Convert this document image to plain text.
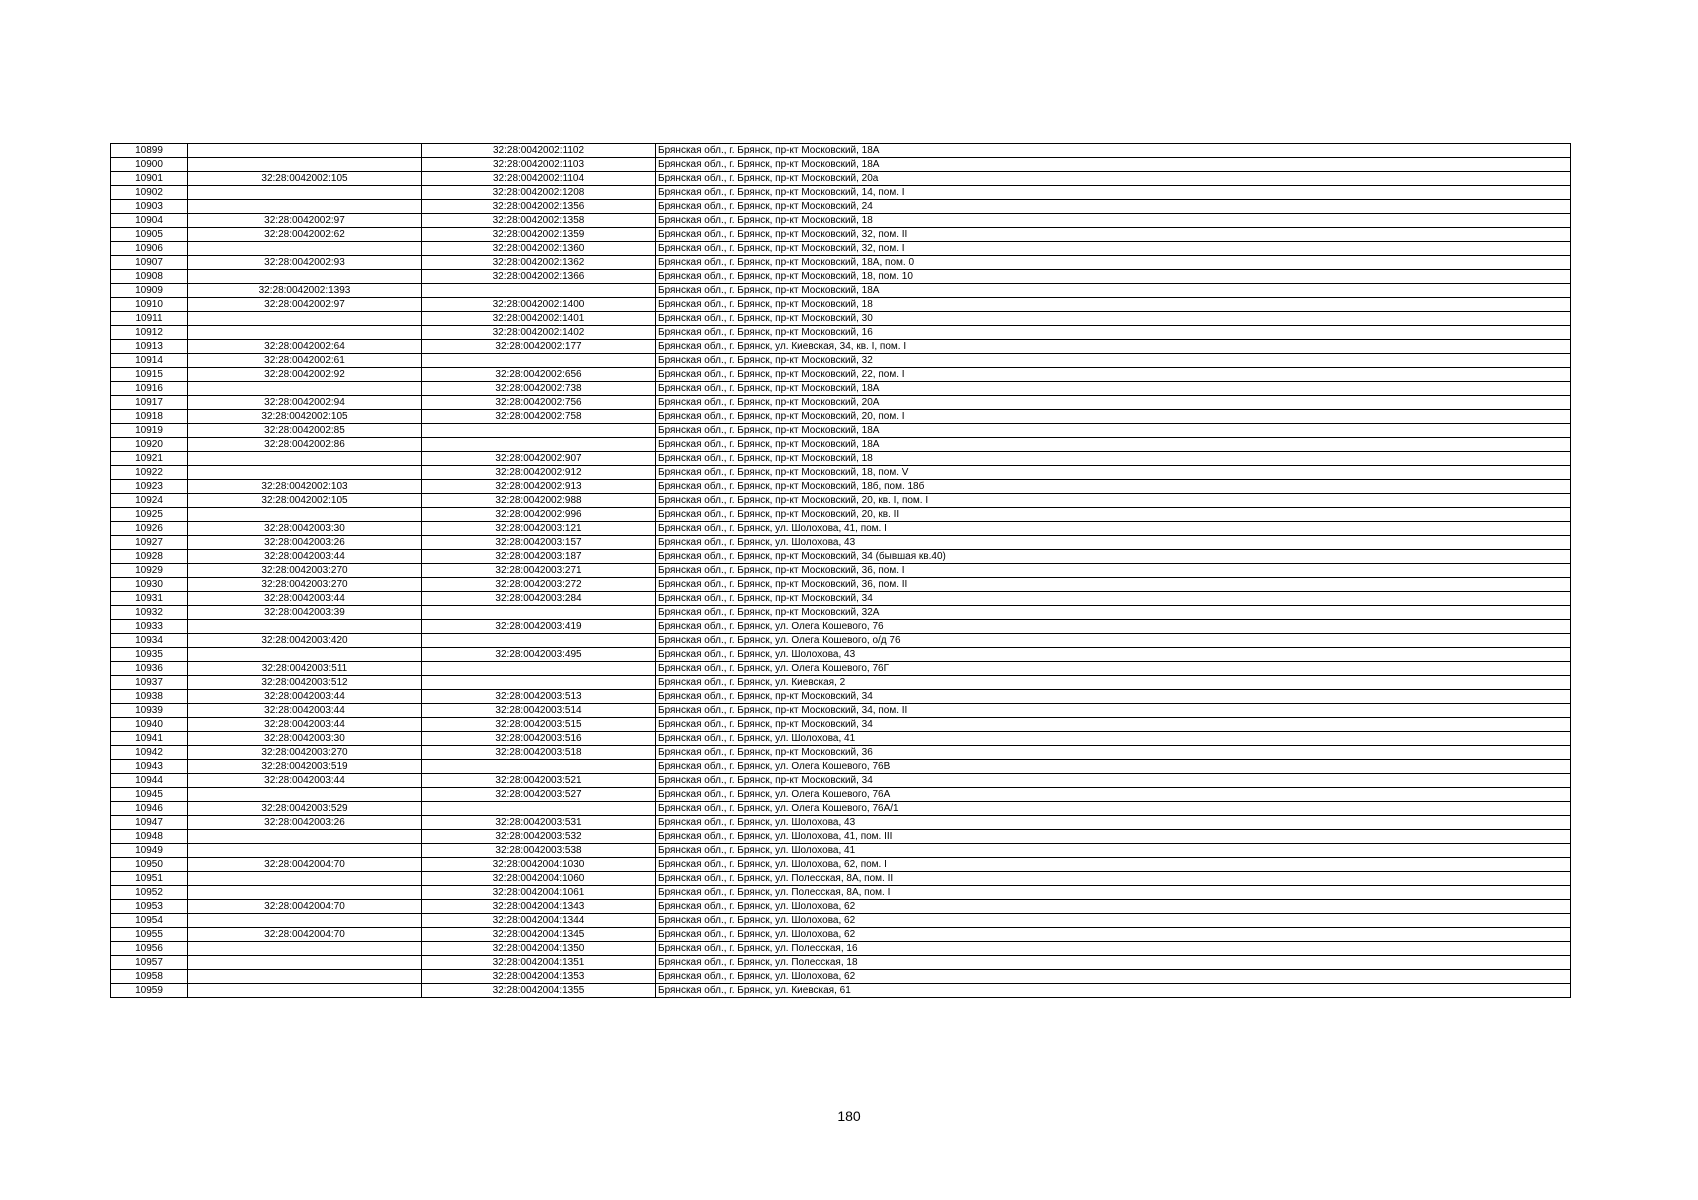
10899		32:28:0042002:1102	Брянская обл., г. Брянск, пр-кт Московский, 18А
10900		32:28:0042002:1103	Брянская обл., г. Брянск, пр-кт Московский, 18А
10901	32:28:0042002:105	32:28:0042002:1104	Брянская обл., г. Брянск, пр-кт Московский, 20а
10902		32:28:0042002:1208	Брянская обл., г. Брянск, пр-кт Московский, 14, пом. I
10903		32:28:0042002:1356	Брянская обл., г. Брянск, пр-кт Московский, 24
10904	32:28:0042002:97	32:28:0042002:1358	Брянская обл., г. Брянск, пр-кт Московский, 18
10905	32:28:0042002:62	32:28:0042002:1359	Брянская обл., г. Брянск, пр-кт Московский, 32, пом. II
10906		32:28:0042002:1360	Брянская обл., г. Брянск, пр-кт Московский, 32, пом. I
10907	32:28:0042002:93	32:28:0042002:1362	Брянская обл., г. Брянск, пр-кт Московский, 18А, пом. 0
10908		32:28:0042002:1366	Брянская обл., г. Брянск, пр-кт Московский, 18, пом. 10
10909	32:28:0042002:1393		Брянская обл., г. Брянск, пр-кт Московский, 18А
10910	32:28:0042002:97	32:28:0042002:1400	Брянская обл., г. Брянск, пр-кт Московский, 18
10911		32:28:0042002:1401	Брянская обл., г. Брянск, пр-кт Московский, 30
10912		32:28:0042002:1402	Брянская обл., г. Брянск, пр-кт Московский, 16
10913	32:28:0042002:64	32:28:0042002:177	Брянская обл., г. Брянск, ул. Киевская, 34, кв. I, пом. I
10914	32:28:0042002:61		Брянская обл., г. Брянск, пр-кт Московский, 32
10915	32:28:0042002:92	32:28:0042002:656	Брянская обл., г. Брянск, пр-кт Московский, 22, пом. I
10916		32:28:0042002:738	Брянская обл., г. Брянск, пр-кт Московский, 18А
10917	32:28:0042002:94	32:28:0042002:756	Брянская обл., г. Брянск, пр-кт Московский, 20А
10918	32:28:0042002:105	32:28:0042002:758	Брянская обл., г. Брянск, пр-кт Московский, 20, пом. I
10919	32:28:0042002:85		Брянская обл., г. Брянск, пр-кт Московский, 18А
10920	32:28:0042002:86		Брянская обл., г. Брянск, пр-кт Московский, 18А
10921		32:28:0042002:907	Брянская обл., г. Брянск, пр-кт Московский, 18
10922		32:28:0042002:912	Брянская обл., г. Брянск, пр-кт Московский, 18, пом. V
10923	32:28:0042002:103	32:28:0042002:913	Брянская обл., г. Брянск, пр-кт Московский, 18б, пом. 18б
10924	32:28:0042002:105	32:28:0042002:988	Брянская обл., г. Брянск, пр-кт Московский, 20, кв. I, пом. I
10925		32:28:0042002:996	Брянская обл., г. Брянск, пр-кт Московский, 20, кв. II
10926	32:28:0042003:30	32:28:0042003:121	Брянская обл., г. Брянск, ул. Шолохова, 41, пом. I
10927	32:28:0042003:26	32:28:0042003:157	Брянская обл., г. Брянск, ул. Шолохова, 43
10928	32:28:0042003:44	32:28:0042003:187	Брянская обл., г. Брянск, пр-кт Московский, 34 (бывшая кв.40)
10929	32:28:0042003:270	32:28:0042003:271	Брянская обл., г. Брянск, пр-кт Московский, 36, пом. I
10930	32:28:0042003:270	32:28:0042003:272	Брянская обл., г. Брянск, пр-кт Московский, 36, пом. II
10931	32:28:0042003:44	32:28:0042003:284	Брянская обл., г. Брянск, пр-кт Московский, 34
10932	32:28:0042003:39		Брянская обл., г. Брянск, пр-кт Московский, 32А
10933		32:28:0042003:419	Брянская обл., г. Брянск, ул. Олега Кошевого, 76
10934	32:28:0042003:420		Брянская обл., г. Брянск, ул. Олега Кошевого, о/д 76
10935		32:28:0042003:495	Брянская обл., г. Брянск, ул. Шолохова, 43
10936	32:28:0042003:511		Брянская обл., г. Брянск, ул. Олега Кошевого, 76Г
10937	32:28:0042003:512		Брянская обл., г. Брянск, ул. Киевская, 2
10938	32:28:0042003:44	32:28:0042003:513	Брянская обл., г. Брянск, пр-кт Московский, 34
10939	32:28:0042003:44	32:28:0042003:514	Брянская обл., г. Брянск, пр-кт Московский, 34, пом. II
10940	32:28:0042003:44	32:28:0042003:515	Брянская обл., г. Брянск, пр-кт Московский, 34
10941	32:28:0042003:30	32:28:0042003:516	Брянская обл., г. Брянск, ул. Шолохова, 41
10942	32:28:0042003:270	32:28:0042003:518	Брянская обл., г. Брянск, пр-кт Московский, 36
10943	32:28:0042003:519		Брянская обл., г. Брянск, ул. Олега Кошевого, 76В
10944	32:28:0042003:44	32:28:0042003:521	Брянская обл., г. Брянск, пр-кт Московский, 34
10945		32:28:0042003:527	Брянская обл., г. Брянск, ул. Олега Кошевого, 76А
10946	32:28:0042003:529		Брянская обл., г. Брянск, ул. Олега Кошевого, 76А/1
10947	32:28:0042003:26	32:28:0042003:531	Брянская обл., г. Брянск, ул. Шолохова, 43
10948		32:28:0042003:532	Брянская обл., г. Брянск, ул. Шолохова, 41, пом. III
10949		32:28:0042003:538	Брянская обл., г. Брянск, ул. Шолохова, 41
10950	32:28:0042004:70	32:28:0042004:1030	Брянская обл., г. Брянск, ул. Шолохова, 62, пом. I
10951		32:28:0042004:1060	Брянская обл., г. Брянск, ул. Полесская, 8А, пом. II
10952		32:28:0042004:1061	Брянская обл., г. Брянск, ул. Полесская, 8А, пом. I
10953	32:28:0042004:70	32:28:0042004:1343	Брянская обл., г. Брянск, ул. Шолохова, 62
10954		32:28:0042004:1344	Брянская обл., г. Брянск, ул. Шолохова, 62
10955	32:28:0042004:70	32:28:0042004:1345	Брянская обл., г. Брянск, ул. Шолохова, 62
10956		32:28:0042004:1350	Брянская обл., г. Брянск, ул. Полесская, 16
10957		32:28:0042004:1351	Брянская обл., г. Брянск, ул. Полесская, 18
10958		32:28:0042004:1353	Брянская обл., г. Брянск, ул. Шолохова, 62
10959		32:28:0042004:1355	Брянская обл., г. Брянск, ул. Киевская, 61
180
